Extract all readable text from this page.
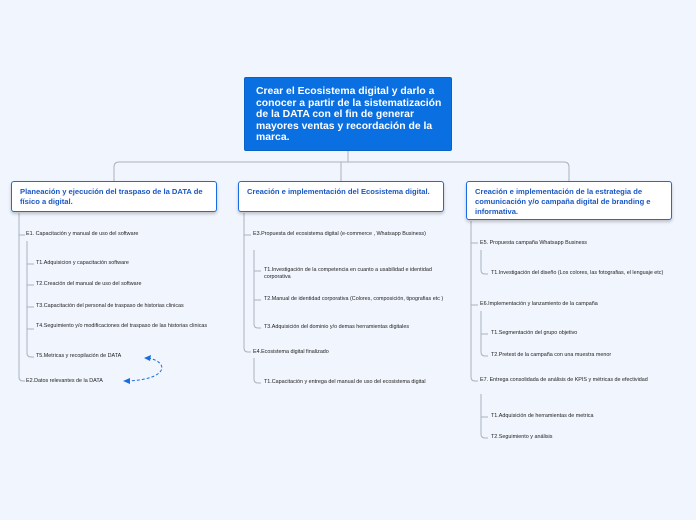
Crear el Ecosistema digital y darlo a conocer a partir de la sistematización de la DATA con el fin de generar mayores ventas y recordación de la marca.
Planeación y ejecución del traspaso de la DATA de físico a digital.
E1. Capacitación y manual de uso del software
T1.Adquisicion y capacitación software
T2.Creación del manual de uso del software
T3.Capacitación del personal de traspaso de historias clinicas
T4.Seguimiento y/o modificaciones del traspaso de las historias clinicas
T5.Metricas y recopilación de DATA
E2.Datos relevantes de la DATA
Creación e implementación del Ecosistema digital.
E3.Propuesta del ecosistema digital (e-commerce , Whatsapp Business)
T1.Investigación de la competencia en cuanto a usabilidad e identidad corporativa
T2.Manual de identidad corporativa (Colores, composición, tipografias etc )
T3.Adquisición del dominio y/o demas herramientas digitales
E4.Ecosistema digital finalizado
T1.Capacitación y entrega del manual de uso del ecosistema digital
Creación e implementación de la estrategia de comunicación y/o campaña digital de branding e informativa.
E5. Propuesta campaña Whatsapp Business
T1.Investigación del diseño (Los colores, las fotografias, el lenguaje etc)
E6.Implementación y lanzamiento de la campaña
T1.Segmentación del grupo objetivo
T2.Pretest de la campaña con una muestra menor
E7. Entrega consolidada de análisis de KPIS y métricas de efectividad
T1.Adquisición de herramientas de metrica
T2.Seguimiento y análisis
